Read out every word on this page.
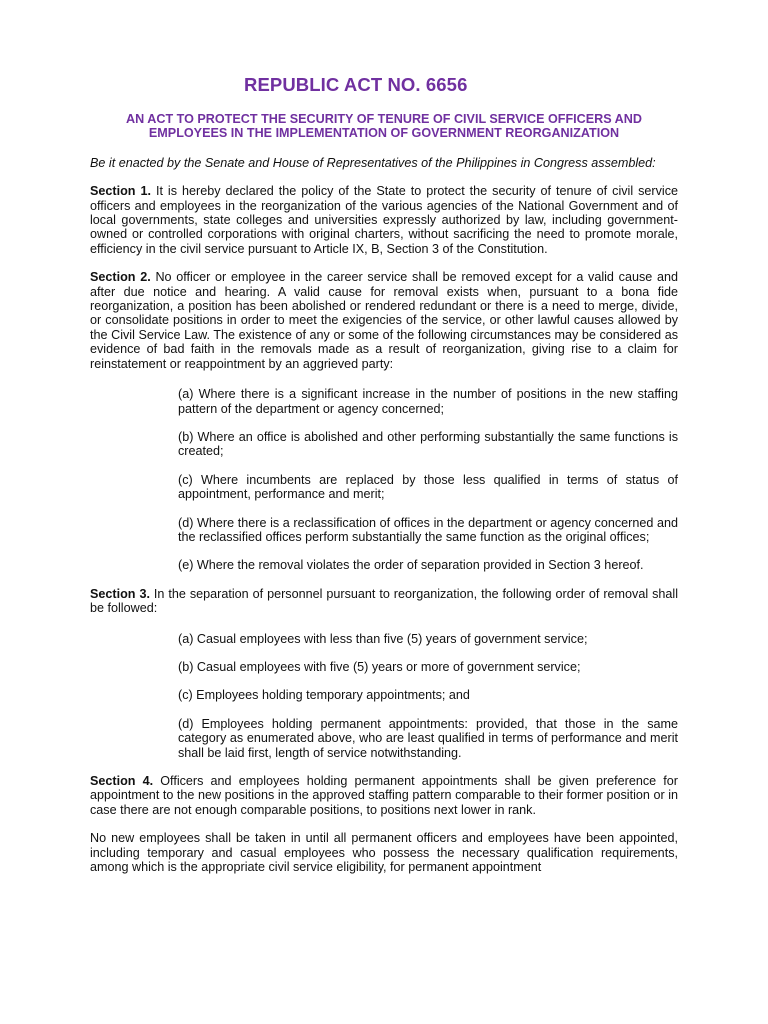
REPUBLIC ACT NO. 6656
AN ACT TO PROTECT THE SECURITY OF TENURE OF CIVIL SERVICE OFFICERS AND EMPLOYEES IN THE IMPLEMENTATION OF GOVERNMENT REORGANIZATION
Be it enacted by the Senate and House of Representatives of the Philippines in Congress assembled:

Section 1. It is hereby declared the policy of the State to protect the security of tenure of civil service officers and employees in the reorganization of the various agencies of the National Government and of local governments, state colleges and universities expressly authorized by law, including government-owned or controlled corporations with original charters, without sacrificing the need to promote morale, efficiency in the civil service pursuant to Article IX, B, Section 3 of the Constitution.

Section 2. No officer or employee in the career service shall be removed except for a valid cause and after due notice and hearing. A valid cause for removal exists when, pursuant to a bona fide reorganization, a position has been abolished or rendered redundant or there is a need to merge, divide, or consolidate positions in order to meet the exigencies of the service, or other lawful causes allowed by the Civil Service Law. The existence of any or some of the following circumstances may be considered as evidence of bad faith in the removals made as a result of reorganization, giving rise to a claim for reinstatement or reappointment by an aggrieved party:

(a) Where there is a significant increase in the number of positions in the new staffing pattern of the department or agency concerned;
(b) Where an office is abolished and other performing substantially the same functions is created;
(c) Where incumbents are replaced by those less qualified in terms of status of appointment, performance and merit;
(d) Where there is a reclassification of offices in the department or agency concerned and the reclassified offices perform substantially the same function as the original offices;
(e) Where the removal violates the order of separation provided in Section 3 hereof.

Section 3. In the separation of personnel pursuant to reorganization, the following order of removal shall be followed:

(a) Casual employees with less than five (5) years of government service;
(b) Casual employees with five (5) years or more of government service;
(c) Employees holding temporary appointments; and
(d) Employees holding permanent appointments: provided, that those in the same category as enumerated above, who are least qualified in terms of performance and merit shall be laid first, length of service notwithstanding.

Section 4. Officers and employees holding permanent appointments shall be given preference for appointment to the new positions in the approved staffing pattern comparable to their former position or in case there are not enough comparable positions, to positions next lower in rank.

No new employees shall be taken in until all permanent officers and employees have been appointed, including temporary and casual employees who possess the necessary qualification requirements, among which is the appropriate civil service eligibility, for permanent appointment
